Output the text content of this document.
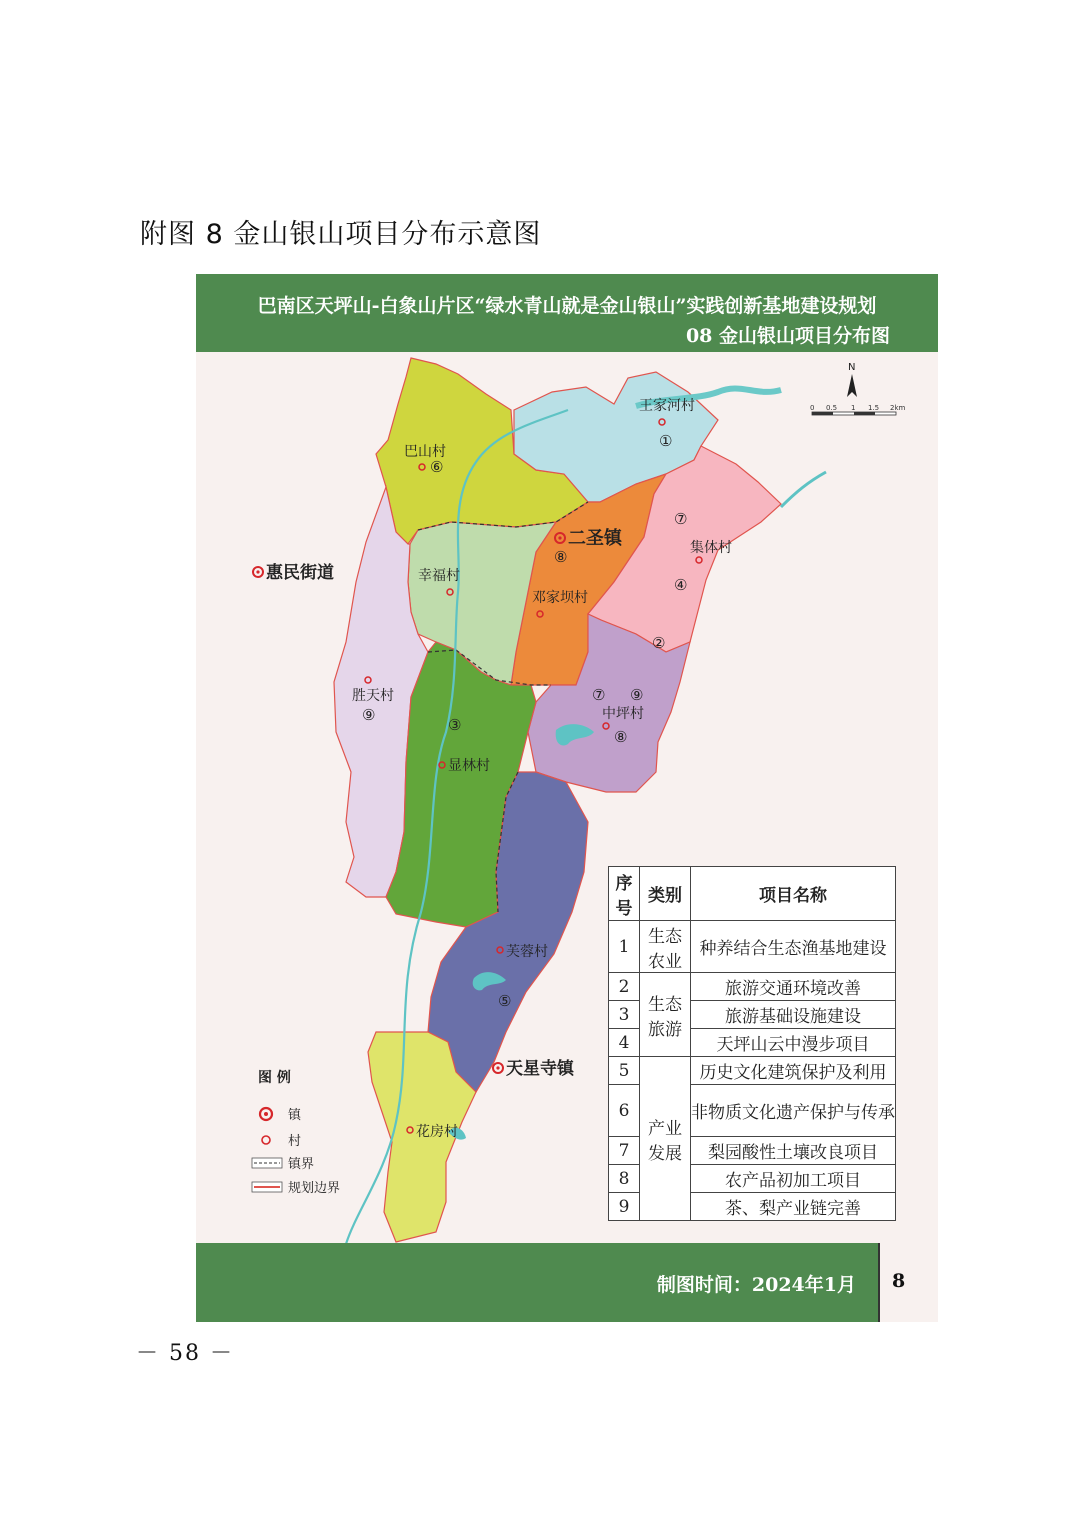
附图 8 金山银山项目分布示意图
巴南区天坪山-白象山片区“绿水青山就是金山银山”实践创新基地建设规划
08 金山银山项目分布图
N
0 0.5 1 1.5 2km
王家河村
①
巴山村
⑥
二圣镇
⑧
⑦
集体村
④
②
惠民街道	幸福村
邓家坝村
⑦ ⑨
中坪村
⑧
胜天村
⑨
③
显林村
芙蓉村
⑤
天星寺镇
花房村
图 例
镇
村
镇界
规划边界
序号	类别	项目名称
1	生态农业	种养结合生态渔基地建设
2	生态旅游	旅游交通环境改善
3		旅游基础设施建设
4		天坪山云中漫步项目
5	产业发展	历史文化建筑保护及利用
6		非物质文化遗产保护与传承
7		梨园酸性土壤改良项目
8		农产品初加工项目
9		茶、梨产业链完善
制图时间：2024年1月 8
－ 58 －
